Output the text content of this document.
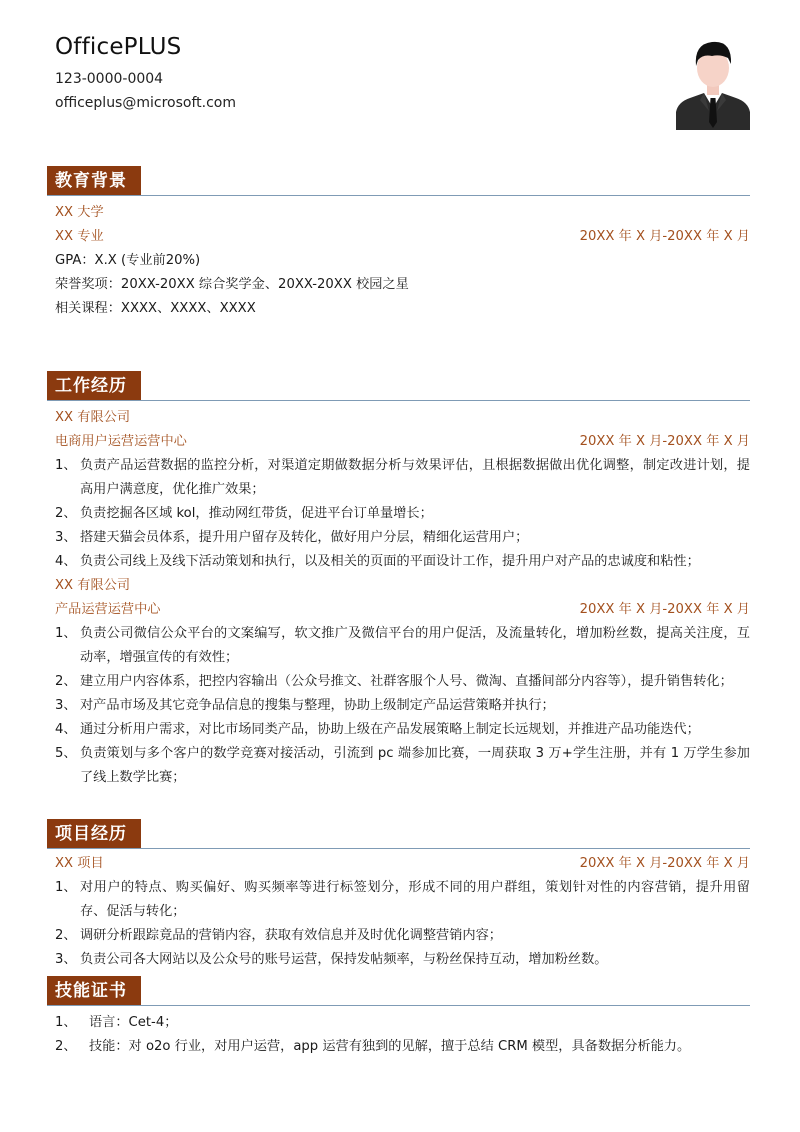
OfficePLUS
123-0000-0004
officeplus@microsoft.com
教育背景
XX 大学
XX 专业	20XX 年 X 月-20XX 年 X 月
GPA：X.X (专业前20%)
荣誉奖项：20XX-20XX 综合奖学金、20XX-20XX 校园之星
相关课程：XXXX、XXXX、XXXX
工作经历
XX 有限公司
电商用户运营运营中心	20XX 年 X 月-20XX 年 X 月
1、 负责产品运营数据的监控分析，对渠道定期做数据分析与效果评估，且根据数据做出优化调整，制定改进计划，提高用户满意度，优化推广效果；
2、 负责挖掘各区域 kol，推动网红带货，促进平台订单量增长；
3、 搭建天猫会员体系，提升用户留存及转化，做好用户分层，精细化运营用户；
4、 负责公司线上及线下活动策划和执行，以及相关的页面的平面设计工作，提升用户对产品的忠诚度和粘性；
XX 有限公司
产品运营运营中心	20XX 年 X 月-20XX 年 X 月
1、 负责公司微信公众平台的文案编写，软文推广及微信平台的用户促活，及流量转化，增加粉丝数，提高关注度，互动率，增强宣传的有效性；
2、 建立用户内容体系，把控内容输出（公众号推文、社群客服个人号、微淘、直播间部分内容等），提升销售转化；
3、 对产品市场及其它竞争品信息的搜集与整理，协助上级制定产品运营策略并执行；
4、 通过分析用户需求，对比市场同类产品，协助上级在产品发展策略上制定长远规划，并推进产品功能迭代；
5、 负责策划与多个客户的数学竞赛对接活动，引流到 pc 端参加比赛，一周获取 3 万+学生注册，并有 1 万学生参加了线上数学比赛；
项目经历
XX 项目	20XX 年 X 月-20XX 年 X 月
1、 对用户的特点、购买偏好、购买频率等进行标签划分，形成不同的用户群组，策划针对性的内容营销，提升用留存、促活与转化；
2、 调研分析跟踪竟品的营销内容，获取有效信息并及时优化调整营销内容；
3、 负责公司各大网站以及公众号的账号运营，保持发帖频率，与粉丝保持互动，增加粉丝数。
技能证书
1、 语言：Cet-4；
2、 技能：对 o2o 行业，对用户运营，app 运营有独到的见解，擅于总结 CRM 模型，具备数据分析能力。
